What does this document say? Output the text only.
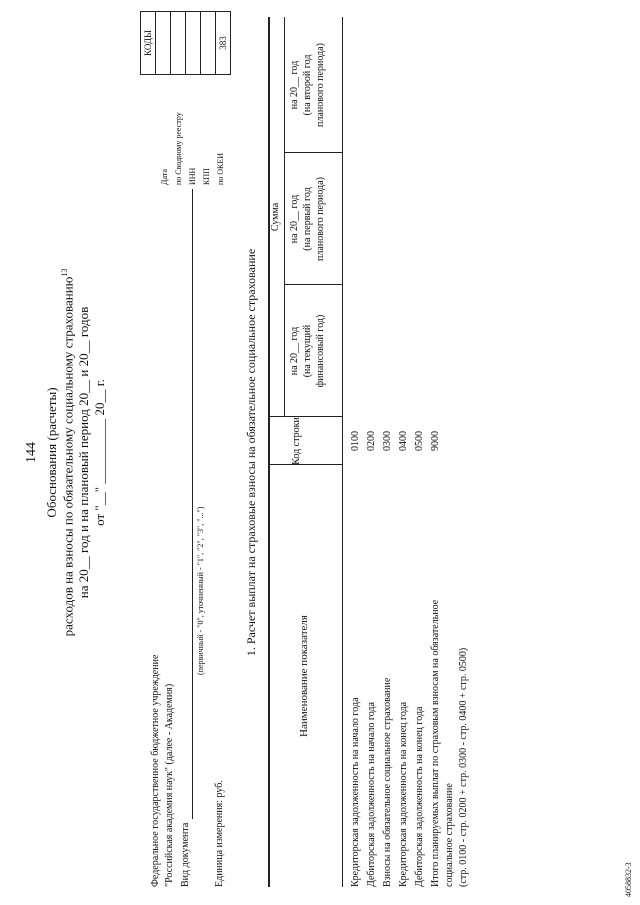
144 Обоснования (расчеты) расходов на взносы по обязательному социальному страхованию$^{13}$
на 20__ год и на плановый период 20__ и 20__ годов от "__" __________ 20__ г.
Федеральное государственное бюджетное учреждение "Российская академия наук" (далее - Академия) Вид документа
(первичный - "0", уточненный - "1", "2", "3", "...")
Единица измерения: руб.
Дата по Сводному реестру ИНН КПП по ОКЕИ
КОДЫ	383
1. Расчет выплат на страховые взносы на обязательное социальное страхование
Наименование показателя
Код строки
Сумма
на 20__ год (на текущий финансовый год)
на 20__ год (на первый год планового периода)
на 20__ год (на второй год планового периода)
Кредиторская задолженность на начало года
0100
Дебиторская задолженность на начало года
0200
Взносы на обязательное социальное страхование
0300
Кредиторская задолженность на конец года
0400
Дебиторская задолженность на конец года
0500
Итого планируемых выплат по страховым взносам на обязательное социальное страхование (стр. 0100 - стр. 0200 + стр. 0300 - стр. 0400 + стр. 0500)
9000
4058832-3
